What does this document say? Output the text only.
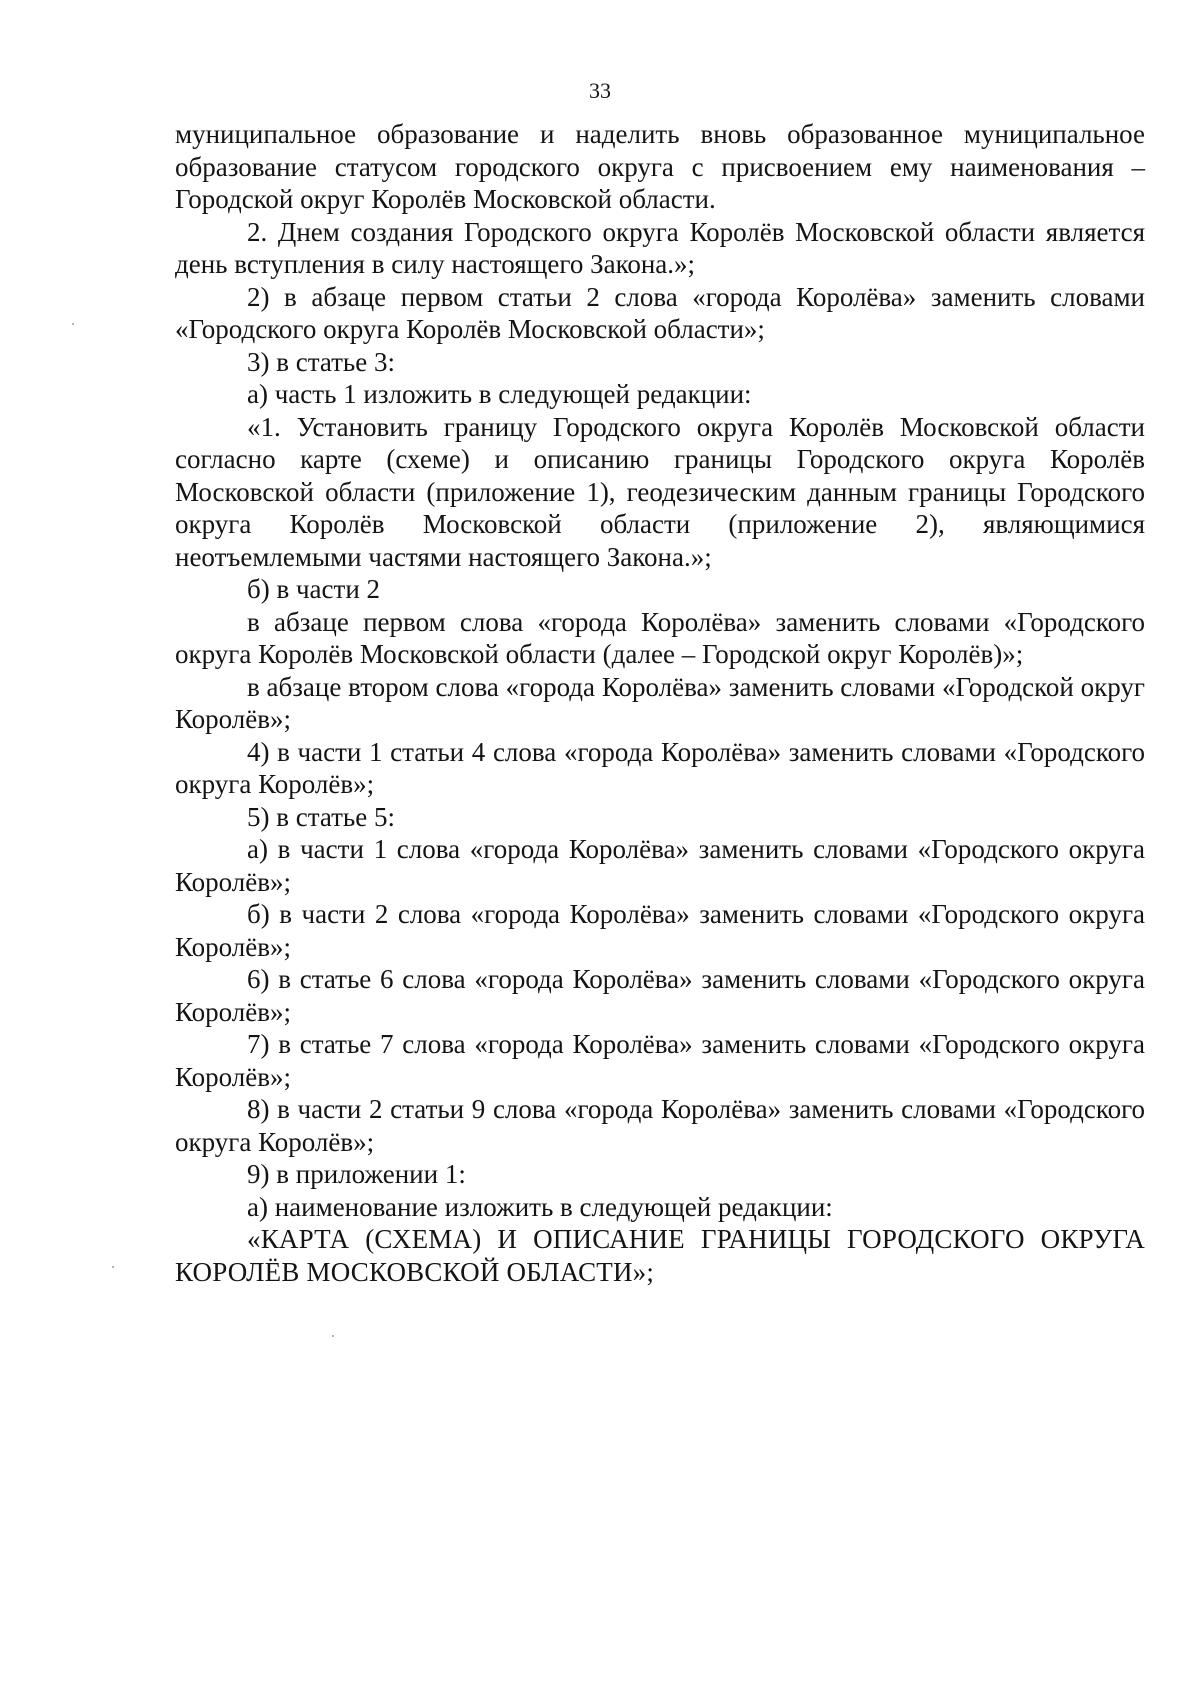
33

муниципальное образование и наделить вновь образованное муниципальное образование статусом городского округа с присвоением ему наименования – Городской округ Королёв Московской области.

2. Днем создания Городского округа Королёв Московской области является день вступления в силу настоящего Закона.»;

2) в абзаце первом статьи 2 слова «города Королёва» заменить словами «Городского округа Королёв Московской области»;

3) в статье 3:

а) часть 1 изложить в следующей редакции:

«1. Установить границу Городского округа Королёв Московской области согласно карте (схеме) и описанию границы Городского округа Королёв Московской области (приложение 1), геодезическим данным границы Городского округа Королёв Московской области (приложение 2), являющимися неотъемлемыми частями настоящего Закона.»;

б) в части 2

в абзаце первом слова «города Королёва» заменить словами «Городского округа Королёв Московской области (далее – Городской округ Королёв)»;

в абзаце втором слова «города Королёва» заменить словами «Городской округ Королёв»;

4) в части 1 статьи 4 слова «города Королёва» заменить словами «Городского округа Королёв»;

5) в статье 5:

а) в части 1 слова «города Королёва» заменить словами «Городского округа Королёв»;

б) в части 2 слова «города Королёва» заменить словами «Городского округа Королёв»;

6) в статье 6 слова «города Королёва» заменить словами «Городского округа Королёв»;

7) в статье 7 слова «города Королёва» заменить словами «Городского округа Королёв»;

8) в части 2 статьи 9 слова «города Королёва» заменить словами «Городского округа Королёв»;

9) в приложении 1:

а) наименование изложить в следующей редакции:

«КАРТА (СХЕМА) И ОПИСАНИЕ ГРАНИЦЫ ГОРОДСКОГО ОКРУГА КОРОЛЁВ МОСКОВСКОЙ ОБЛАСТИ»;
